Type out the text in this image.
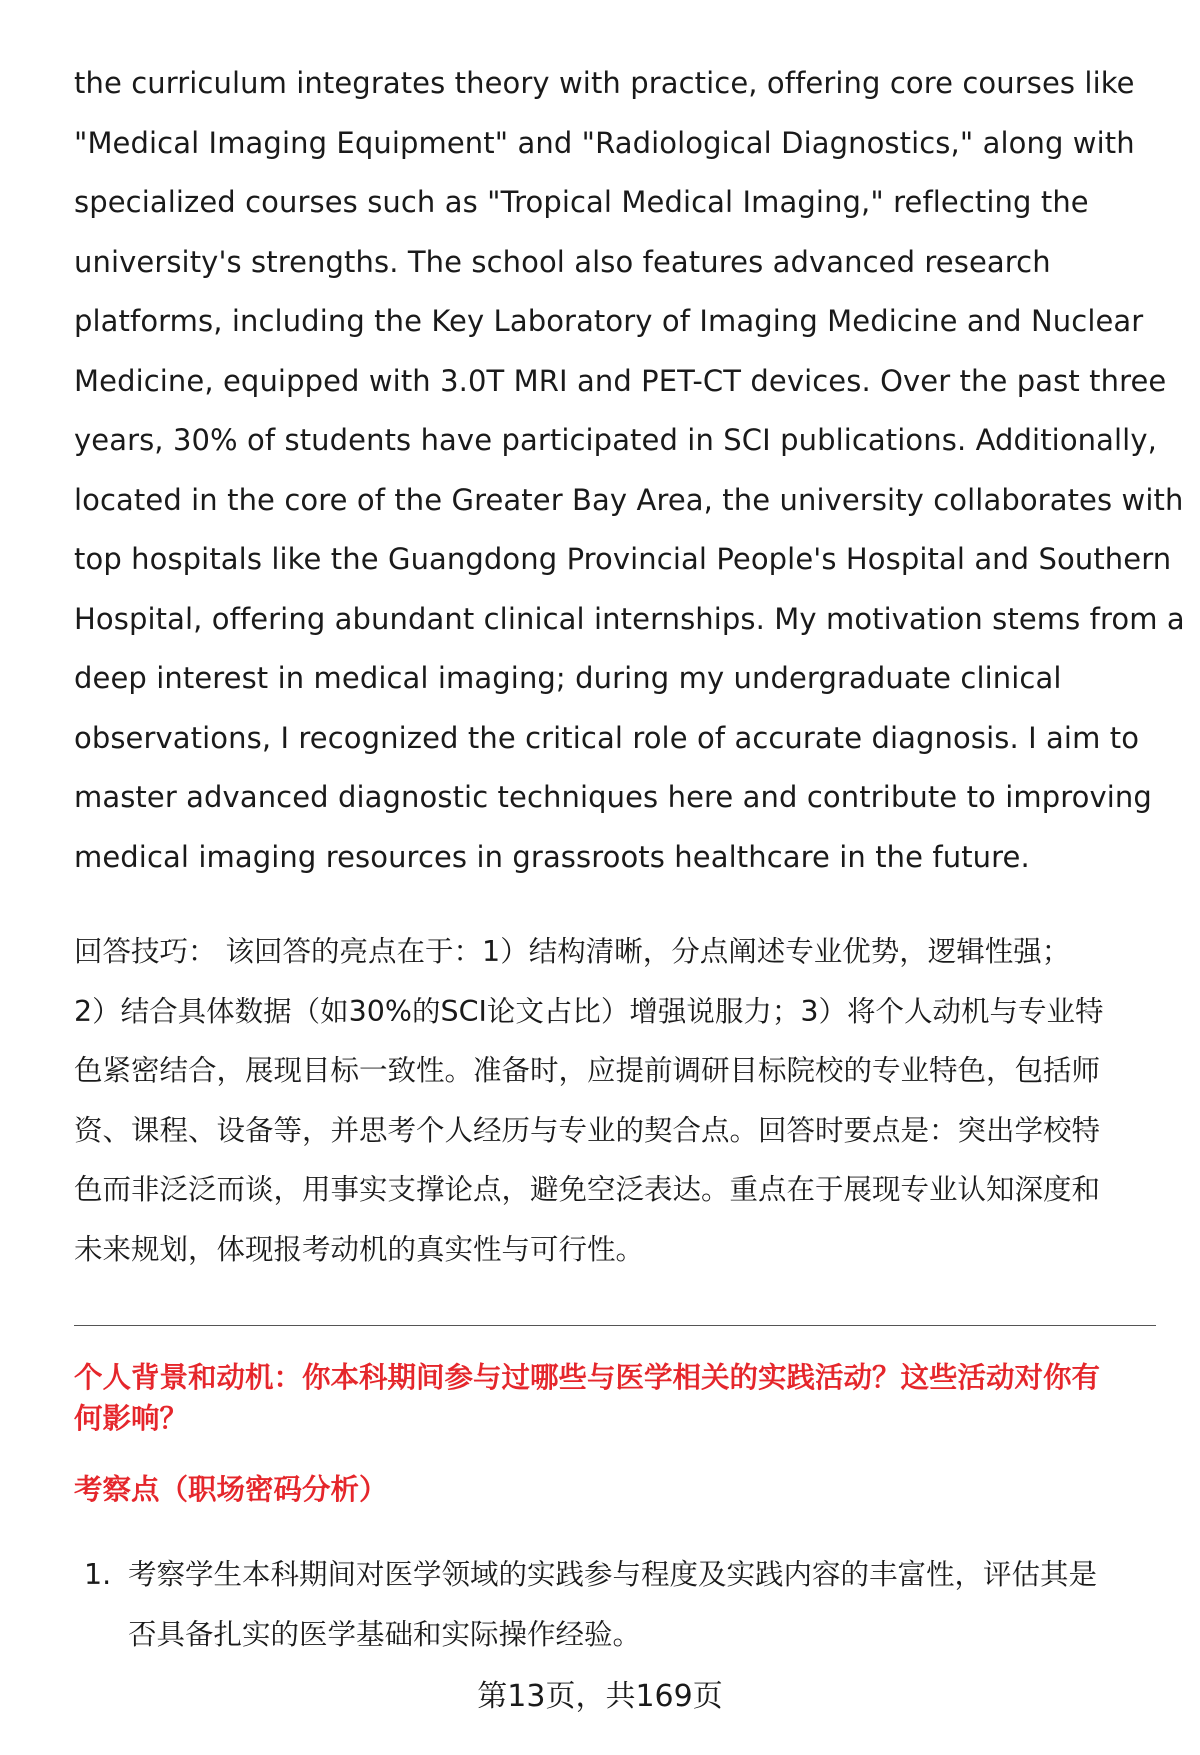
the curriculum integrates theory with practice, offering core courses like
"Medical Imaging Equipment" and "Radiological Diagnostics," along with
specialized courses such as "Tropical Medical Imaging," reflecting the
university's strengths. The school also features advanced research
platforms, including the Key Laboratory of Imaging Medicine and Nuclear
Medicine, equipped with 3.0T MRI and PET-CT devices. Over the past three
years, 30% of students have participated in SCI publications. Additionally,
located in the core of the Greater Bay Area, the university collaborates with
top hospitals like the Guangdong Provincial People's Hospital and Southern
Hospital, offering abundant clinical internships. My motivation stems from a
deep interest in medical imaging; during my undergraduate clinical
observations, I recognized the critical role of accurate diagnosis. I aim to
master advanced diagnostic techniques here and contribute to improving
medical imaging resources in grassroots healthcare in the future.
回答技巧： 该回答的亮点在于：1）结构清晰，分点阐述专业优势，逻辑性强；
2）结合具体数据（如30%的SCI论文占比）增强说服力；3）将个人动机与专业特
色紧密结合，展现目标一致性。准备时，应提前调研目标院校的专业特色，包括师
资、课程、设备等，并思考个人经历与专业的契合点。回答时要点是：突出学校特
色而非泛泛而谈，用事实支撑论点，避免空泛表达。重点在于展现专业认知深度和
未来规划，体现报考动机的真实性与可行性。
个人背景和动机：你本科期间参与过哪些与医学相关的实践活动？这些活动对你有
何影响？
考察点（职场密码分析）
1. 考察学生本科期间对医学领域的实践参与程度及实践内容的丰富性，评估其是
否具备扎实的医学基础和实际操作经验。
第13页，共169页
